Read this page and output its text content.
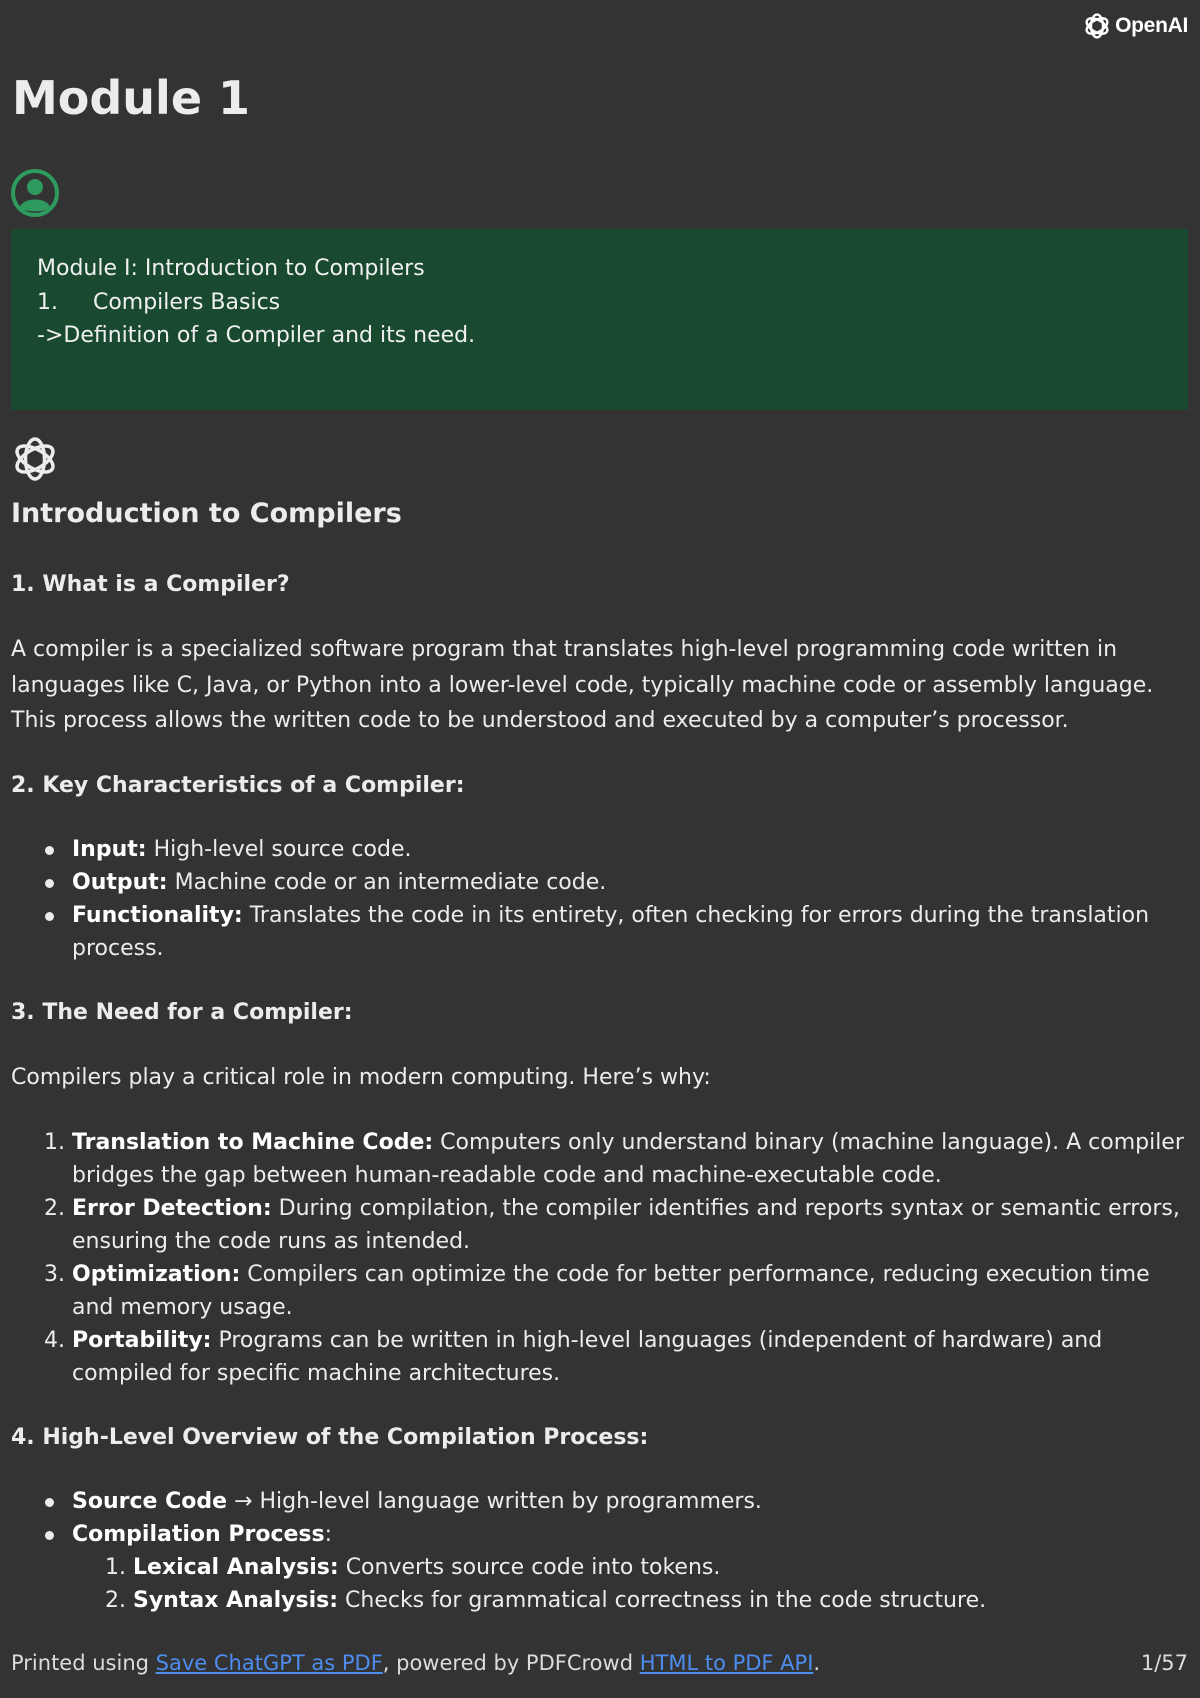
OpenAI
Module 1
Module I: Introduction to Compilers
1.     Compilers Basics
->Definition of a Compiler and its need.
Introduction to Compilers
1. What is a Compiler?

A compiler is a specialized software program that translates high-level programming code written in languages like C, Java, or Python into a lower-level code, typically machine code or assembly language. This process allows the written code to be understood and executed by a computer’s processor.

2. Key Characteristics of a Compiler:
Input: High-level source code.
Output: Machine code or an intermediate code.
Functionality: Translates the code in its entirety, often checking for errors during the translation process.
3. The Need for a Compiler:

Compilers play a critical role in modern computing. Here’s why:

1. Translation to Machine Code: Computers only understand binary (machine language). A compiler bridges the gap between human-readable code and machine-executable code.
2. Error Detection: During compilation, the compiler identifies and reports syntax or semantic errors, ensuring the code runs as intended.
3. Optimization: Compilers can optimize the code for better performance, reducing execution time and memory usage.
4. Portability: Programs can be written in high-level languages (independent of hardware) and compiled for specific machine architectures.
4. High-Level Overview of the Compilation Process:
Source Code → High-level language written by programmers.
Compilation Process:
1. Lexical Analysis: Converts source code into tokens.
2. Syntax Analysis: Checks for grammatical correctness in the code structure.
Printed using Save ChatGPT as PDF, powered by PDFCrowd HTML to PDF API.	1/57
